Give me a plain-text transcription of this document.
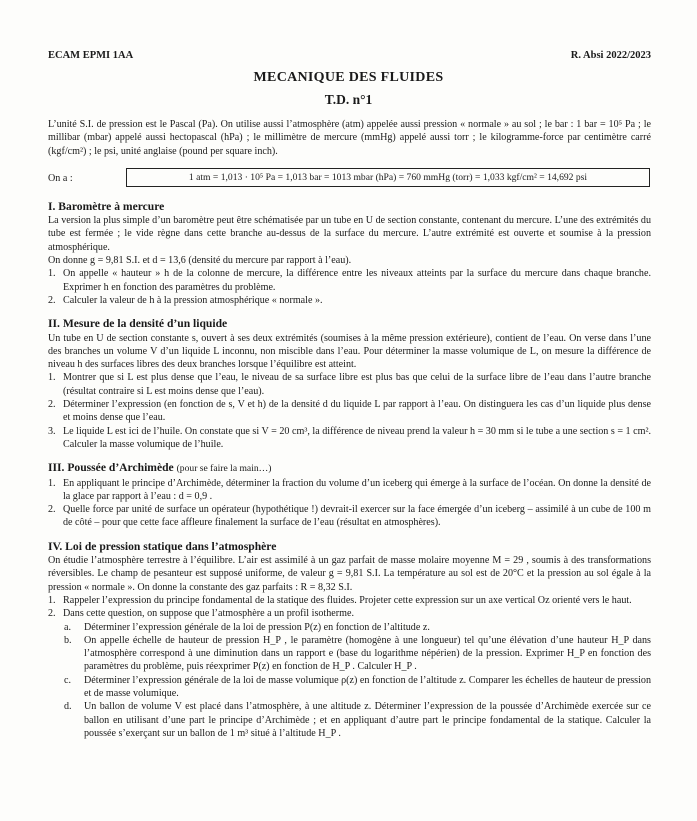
ECAM EPMI 1AA	R. Absi 2022/2023
MECANIQUE DES FLUIDES
T.D. n°1

L’unité S.I. de pression est le Pascal (Pa). On utilise aussi l’atmosphère (atm) appelée aussi pression « normale » au sol ; le bar : 1 bar = 10⁵ Pa ; le millibar (mbar) appelé aussi hectopascal (hPa) ; le millimètre de mercure (mmHg) appelé aussi torr ; le kilogramme-force par centimètre carré (kgf/cm²) ; le psi, unité anglaise (pound per square inch).

On a :	1 atm = 1,013 · 10⁵ Pa = 1,013 bar = 1013 mbar (hPa) = 760 mmHg (torr) = 1,033 kgf/cm² = 14,692 psi
I. Baromètre à mercure

La version la plus simple d’un baromètre peut être schématisée par un tube en U de section constante, contenant du mercure. L’une des extrémités du tube est fermée ; le vide règne dans cette branche au-dessus de la surface du mercure. L’autre extrémité est ouverte et soumise à la pression atmosphérique.

On donne g = 9,81 S.I. et d = 13,6 (densité du mercure par rapport à l’eau).

1. On appelle « hauteur » h de la colonne de mercure, la différence entre les niveaux atteints par la surface du mercure dans chaque branche. Exprimer h en fonction des paramètres du problème.
2. Calculer la valeur de h à la pression atmosphérique « normale ».
II. Mesure de la densité d’un liquide

Un tube en U de section constante s, ouvert à ses deux extrémités (soumises à la même pression extérieure), contient de l’eau. On verse dans l’une des branches un volume V d’un liquide L inconnu, non miscible dans l’eau. Pour déterminer la masse volumique de L, on mesure la différence de niveau h des surfaces libres des deux branches lorsque l’équilibre est atteint.

1. Montrer que si L est plus dense que l’eau, le niveau de sa surface libre est plus bas que celui de la surface libre de l’eau dans l’autre branche (résultat contraire si L est moins dense que l’eau).
2. Déterminer l’expression (en fonction de s, V et h) de la densité d du liquide L par rapport à l’eau. On distinguera les cas d’un liquide plus dense et moins dense que l’eau.
3. Le liquide L est ici de l’huile. On constate que si V = 20 cm³, la différence de niveau prend la valeur h = 30 mm si le tube a une section s = 1 cm². Calculer la masse volumique de l’huile.
III. Poussée d’Archimède (pour se faire la main…)
1. En appliquant le principe d’Archimède, déterminer la fraction du volume d’un iceberg qui émerge à la surface de l’océan. On donne la densité de la glace par rapport à l’eau : d = 0,9 .
2. Quelle force par unité de surface un opérateur (hypothétique !) devrait-il exercer sur la face émergée d’un iceberg – assimilé à un cube de 100 m de côté – pour que cette face affleure finalement la surface de l’eau (résultat en atmosphères).
IV. Loi de pression statique dans l’atmosphère

On étudie l’atmosphère terrestre à l’équilibre. L’air est assimilé à un gaz parfait de masse molaire moyenne M = 29 , soumis à des transformations réversibles. Le champ de pesanteur est supposé uniforme, de valeur g = 9,81 S.I. La température au sol est de 20°C et la pression au sol égale à la pression « normale ». On donne la constante des gaz parfaits : R = 8,32 S.I.

1. Rappeler l’expression du principe fondamental de la statique des fluides. Projeter cette expression sur un axe vertical Oz orienté vers le haut.
2. Dans cette question, on suppose que l’atmosphère a un profil isotherme.
a. Déterminer l’expression générale de la loi de pression P(z) en fonction de l’altitude z.
b. On appelle échelle de hauteur de pression H_P , le paramètre (homogène à une longueur) tel qu’une élévation d’une hauteur H_P dans l’atmosphère correspond à une diminution dans un rapport e (base du logarithme népérien) de la pression. Exprimer H_P en fonction des paramètres du problème, puis réexprimer P(z) en fonction de H_P . Calculer H_P .
c. Déterminer l’expression générale de la loi de masse volumique ρ(z) en fonction de l’altitude z. Comparer les échelles de hauteur de pression et de masse volumique.
d. Un ballon de volume V est placé dans l’atmosphère, à une altitude z. Déterminer l’expression de la poussée d’Archimède exercée sur ce ballon en utilisant d’une part le principe d’Archimède ; et en appliquant d’autre part le principe fondamental de la statique. Calculer la poussée s’exerçant sur un ballon de 1 m³ situé à l’altitude H_P .
